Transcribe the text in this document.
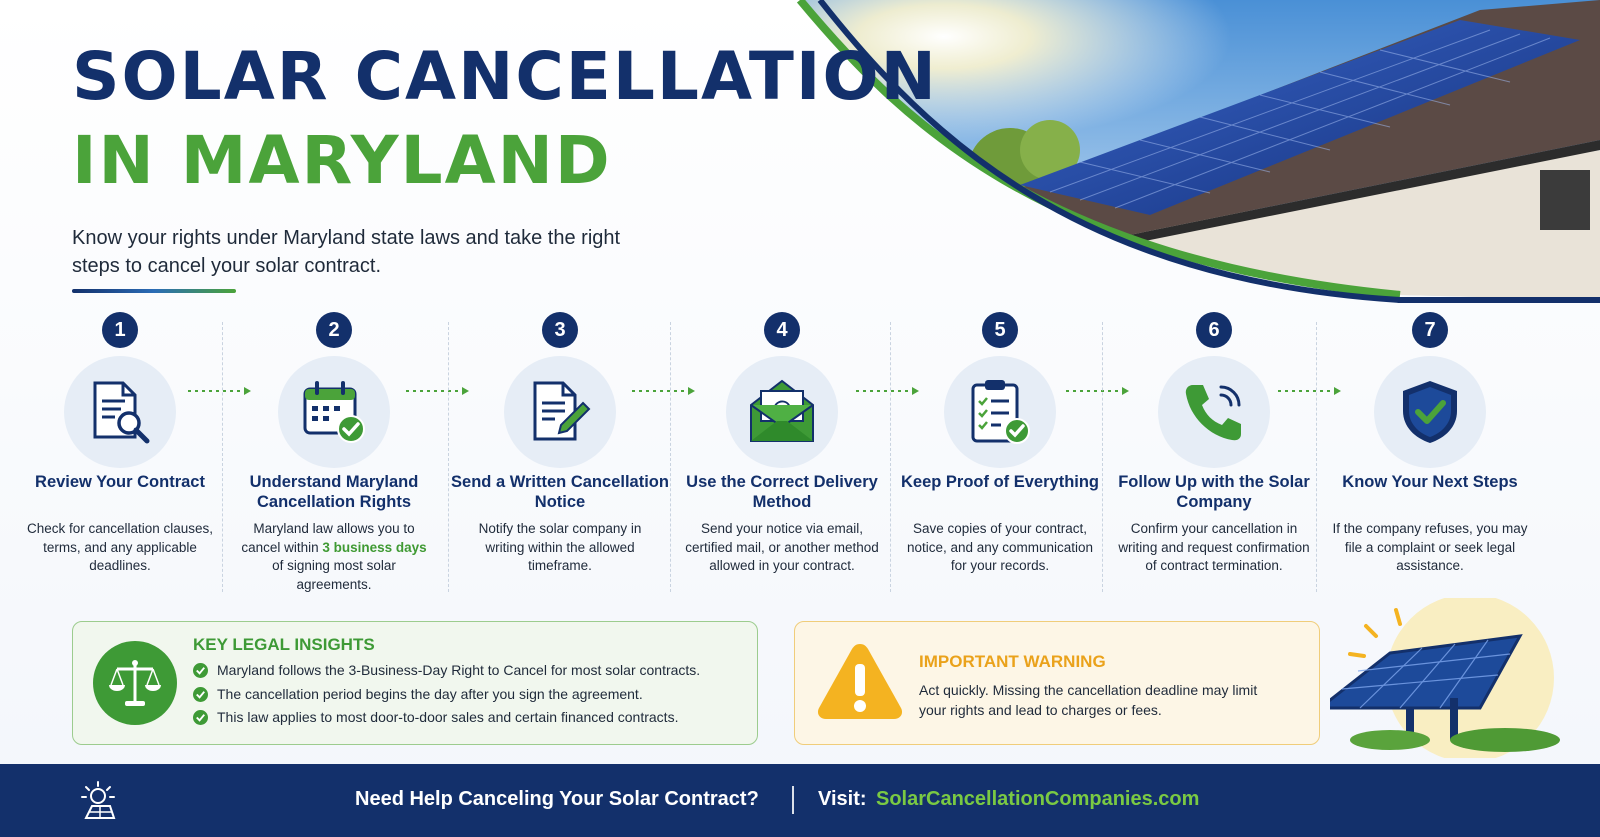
SOLAR CANCELLATION
IN MARYLAND
Know your rights under Maryland state laws and take the right steps to cancel your solar contract.
1
Review Your Contract
Check for cancellation clauses, terms, and any applicable deadlines.
2
Understand Maryland Cancellation Rights
Maryland law allows you to cancel within 3 business days of signing most solar agreements.
3
Send a Written Cancellation Notice
Notify the solar company in writing within the allowed timeframe.
4
Use the Correct Delivery Method
Send your notice via email, certified mail, or another method allowed in your contract.
5
Keep Proof of Everything
Save copies of your contract, notice, and any communication for your records.
6
Follow Up with the Solar Company
Confirm your cancellation in writing and request confirmation of contract termination.
7
Know Your Next Steps
If the company refuses, you may file a complaint or seek legal assistance.
KEY LEGAL INSIGHTS
Maryland follows the 3-Business-Day Right to Cancel for most solar contracts.
The cancellation period begins the day after you sign the agreement.
This law applies to most door-to-door sales and certain financed contracts.
IMPORTANT WARNING
Act quickly. Missing the cancellation deadline may limit your rights and lead to charges or fees.
Need Help Canceling Your Solar Contract?	Visit: SolarCancellationCompanies.com
